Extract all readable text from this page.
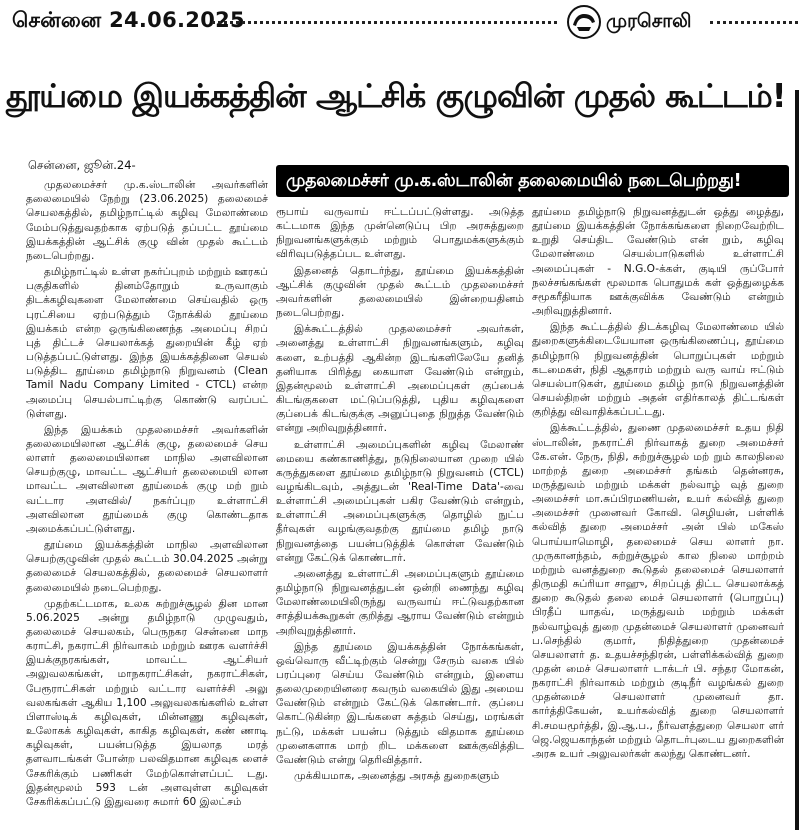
சென்னை 24.06.2025	முரசொலி
தூய்மை இயக்கத்தின் ஆட்சிக் குழுவின் முதல் கூட்டம்!
முதலமைச்சர் மு.க.ஸ்டாலின் தலைமையில் நடைபெற்றது!
சென்னை, ஜூன்.24-

முதலமைச்சர் மு.க.ஸ்டாலின் அவர்களின் தலைமையில் நேற்று (23.06.2025) தலைமைச் செயலகத்தில், தமிழ்நாட்டில் கழிவு மேலாண்மை மேம்படுத்துவதற்காக ஏற்படுத் தப்பட்ட தூய்மை இயக்கத்தின் ஆட்சிக் குழு வின் முதல் கூட்டம் நடைபெற்றது.

தமிழ்நாட்டில் உள்ள நகர்ப்புறம் மற்றும் ஊரகப் பகுதிகளில் தினம்தோறும் உருவாகும் திடக்கழிவுகளை மேலாண்மை செய்வதில் ஒரு புரட்சியை ஏற்படுத்தும் நோக்கில் தூய்மை இயக்கம் என்ற ஒருங்கிணைந்த அமைப்பு சிறப் புத் திட்டச் செயலாக்கத் துறையின் கீழ் ஏற் படுத்தப்பட்டுள்ளது. இந்த இயக்கத்தினை செயல் படுத்திட தூய்மை தமிழ்நாடு நிறுவனம் (Clean Tamil Nadu Company Limited - CTCL) என்ற அமைப்பு செயல்பாட்டிற்கு கொண்டு வரப்பட் டுள்ளது.

இந்த இயக்கம் முதலமைச்சர் அவர்களின் தலைமையிலான ஆட்சிக் குழு, தலைமைச் செய லாளர் தலைமையிலான மாநில அளவிலான செயற்குழு, மாவட்ட ஆட்சியர் தலைமையி லான மாவட்ட அளவிலான தூய்மைக் குழு மற் றும் வட்டார அளவில்/ நகர்ப்புற உள்ளாட்சி அளவிலான தூய்மைக் குழு கொண்டதாக அமைக்கப்பட்டுள்ளது.

தூய்மை இயக்கத்தின் மாநில அளவிலான செயற்குழுவின் முதல் கூட்டம் 30.04.2025 அன்று தலைமைச் செயலகத்தில், தலைமைச் செயலாளர் தலைமையில் நடைபெற்றது.

முதற்கட்டமாக, உலக சுற்றுச்சூழல் தின மான 5.06.2025 அன்று தமிழ்நாடு முழுவதும், தலைமைச் செயலகம், பெருநகர சென்னை மாந கராட்சி, நகராட்சி நிர்வாகம் மற்றும் ஊரக வளர்ச்சி இயக்குநரகங்கள், மாவட்ட ஆட்சியர் அலுவலகங்கள், மாநகராட்சிகள், நகராட்சிகள், பேரூராட்சிகள் மற்றும் வட்டார வளர்ச்சி அலு வலகங்கள் ஆகிய 1,100 அலுவலகங்களில் உள்ள பிளாஸ்டிக் கழிவுகள், மின்னணு கழிவுகள், உலோகக் கழிவுகள், காகித கழிவுகள், கண் ணாடி கழிவுகள், பயன்படுத்த இயலாத மரத் தளவாடங்கள் போன்ற பலவிதமான கழிவுக ளைச் சேகரிக்கும் பணிகள் மேற்கொள்ளப்பட் டது. இதன்மூலம் 593 டன் அளவுள்ள கழிவுகள் சேகரிக்கப்பட்டு இதுவரை சுமார் 60 இலட்சம்

ரூபாய் வருவாய் ஈட்டப்பட்டுள்ளது. அடுத்த கட்டமாக இந்த முன்னெடுப்பு பிற அரசுத்துறை நிறுவனங்களுக்கும் மற்றும் பொதுமக்களுக்கும் விரிவுபடுத்தப்பட உள்ளது.

இதனைத் தொடர்ந்து, தூய்மை இயக்கத்தின் ஆட்சிக் குழுவின் முதல் கூட்டம் முதலமைச்சர் அவர்களின் தலைமையில் இன்றையதினம் நடைபெற்றது.

இக்கூட்டத்தில் முதலமைச்சர் அவர்கள், அனைத்து உள்ளாட்சி நிறுவனங்களும், கழிவு களை, உற்பத்தி ஆகின்ற இடங்களிலேயே தனித் தனியாக பிரித்து கையாள வேண்டும் என்றும், இதன்மூலம் உள்ளாட்சி அமைப்புகள் குப்பைக் கிடங்குகளை மட்டுப்படுத்தி, புதிய கழிவுகளை குப்பைக் கிடங்குக்கு அனுப்புதை நிறுத்த வேண்டும் என்று அறிவுறுத்தினார்.

உள்ளாட்சி அமைப்புகளின் கழிவு மேலாண் மையை கண்காணித்து, நடுநிலையான முறை யில் கருத்துகளை தூய்மை தமிழ்நாடு நிறுவனம் (CTCL) வழங்கிடவும், அத்துடன் 'Real-Time Data'-வை உள்ளாட்சி அமைப்புகள் பகிர வேண்டும் என்றும், உள்ளாட்சி அமைப்புகளுக்கு தொழில் நுட்ப தீர்வுகள் வழங்குவதற்கு தூய்மை தமிழ் நாடு நிறுவனத்தை பயன்படுத்திக் கொள்ள வேண்டும் என்று கேட்டுக் கொண்டார்.

அனைத்து உள்ளாட்சி அமைப்புகளும் தூய்மை தமிழ்நாடு நிறுவனத்துடன் ஒன்றி ணைந்து கழிவு மேலாண்மையிலிருந்து வருவாய் ஈட்டுவதற்கான சாத்தியக்கூறுகள் குறித்து ஆராய வேண்டும் என்றும் அறிவுறுத்தினார்.

இந்த தூய்மை இயக்கத்தின் நோக்கங்கள், ஒவ்வொரு வீட்டிற்கும் சென்று சேரும் வகை யில் பரப்புரை செய்ய வேண்டும் என்றும், இளைய தலைமுறையினரை கவரும் வகையில் இது அமைய வேண்டும் என்றும் கேட்டுக் கொண்டார். குப்பை கொட்டுகின்ற இடங்களை சுத்தம் செய்து, மரங்கள் நட்டு, மக்கள் பயன்ப டுத்தும் விதமாக தூய்மை முனைகளாக மாற் றிட மக்களை ஊக்குவித்திட வேண்டும் என்று தெரிவித்தார்.

முக்கியமாக, அனைத்து அரசுத் துறைகளும்

தூய்மை தமிழ்நாடு நிறுவனத்துடன் ஒத்து ழைத்து, தூய்மை இயக்கத்தின் நோக்கங்களை நிறைவேற்றிட உறுதி செய்திட வேண்டும் என் றும், கழிவு மேலாண்மை செயல்பாடுகளில் உள்ளாட்சி அமைப்புகள் - N.G.O-க்கள், குடியி ருப்போர் நலச்சங்கங்கள் மூலமாக பொதுமக் கள் ஒத்துழைக்க சமூகரீதியாக ஊக்குவிக்க வேண்டும் என்றும் அறிவுறுத்தினார்.

இந்த கூட்டத்தில் திடக்கழிவு மேலாண்மை யில் துறைகளுக்கிடையேயான ஒருங்கிணைப்பு, தூய்மை தமிழ்நாடு நிறுவனத்தின் பொறுப்புகள் மற்றும் கடமைகள், நிதி ஆதாரம் மற்றும் வரு வாய் ஈட்டும் செயல்பாடுகள், தூய்மை தமிழ் நாடு நிறுவனத்தின் செயல்திறன் மற்றும் அதன் எதிர்காலத் திட்டங்கள் குறித்து விவாதிக்கப்பட்டது.

இக்கூட்டத்தில், துணை முதலமைச்சர் உதய நிதி ஸ்டாலின், நகராட்சி நிர்வாகத் துறை அமைச்சர் கே.என். நேரு, நிதி, சுற்றுச்சூழல் மற் றும் காலநிலை மாற்றத் துறை அமைச்சர் தங்கம் தென்னரசு, மருத்துவம் மற்றும் மக்கள் நல்வாழ் வுத் துறை அமைச்சர் மா.சுப்பிரமணியன், உயர் கல்வித் துறை அமைச்சர் முனைவர் கோவி. செழியன், பள்ளிக் கல்வித் துறை அமைச்சர் அன் பில் மகேஸ் பொய்யாமொழி, தலைமைச் செய லாளர் நா. முருகானந்தம், சுற்றுச்சூழல் கால நிலை மாற்றம் மற்றும் வனத்துறை கூடுதல் தலைமைச் செயலாளர் திருமதி சுப்ரியா சாஹு, சிறப்புத் திட்ட செயலாக்கத் துறை கூடுதல் தலை மைச் செயலாளர் (பொறுப்பு) பிரதீப் யாதவ், மருத்துவம் மற்றும் மக்கள் நல்வாழ்வுத் துறை முதன்மைச் செயலாளர் முனைவர் ப.செந்தில் குமார், நிதித்துறை முதன்மைச் செயலாளர் த. உதயச்சந்திரன், பள்ளிக்கல்வித் துறை முதன் மைச் செயலாளர் டாக்டர் பி. சந்தர மோகன், நகராட்சி நிர்வாகம் மற்றும் குடிநீர் வழங்கல் துறை முதன்மைச் செயலாளர் முனைவர் தா. கார்த்திகேயன், உயர்கல்வித் துறை செயலாளர் சி.சமயமூர்த்தி, இ.ஆ.ப., நீர்வளத்துறை செயலா ளர் ஜெ.ஜெயகாந்தன் மற்றும் தொடர்புடைய துறைகளின் அரசு உயர் அலுவலர்கள் கலந்து கொண்டனர்.
